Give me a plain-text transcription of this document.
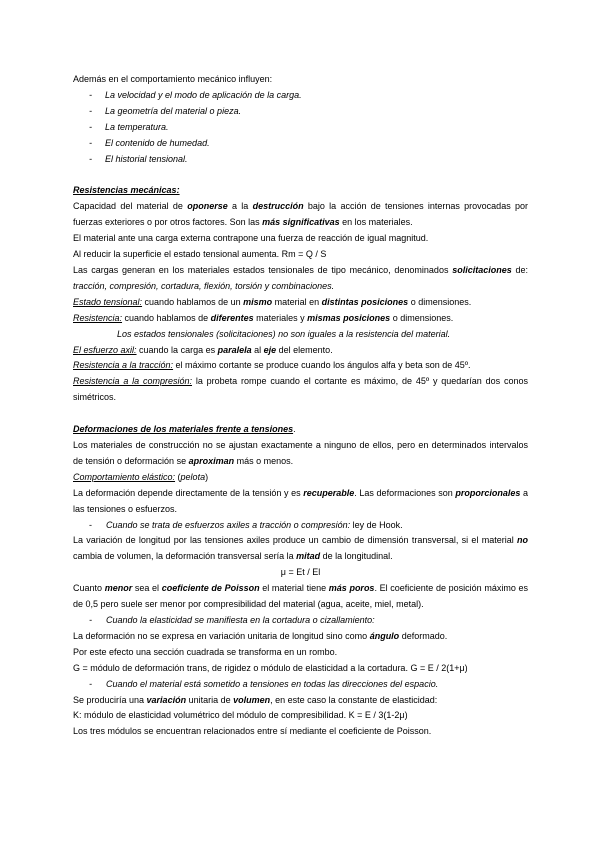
Además en el comportamiento mecánico influyen:

- La velocidad y el modo de aplicación de la carga.

- La geometría del material o pieza.

- La temperatura.

- El contenido de humedad.

- El historial tensional.

Resistencias mecánicas:

Capacidad del material de oponerse a la destrucción bajo la acción de tensiones internas provocadas por fuerzas exteriores o por otros factores. Son las más significativas en los materiales.

El material ante una carga externa contrapone una fuerza de reacción de igual magnitud.

Al reducir la superficie el estado tensional aumenta. Rm = Q / S

Las cargas generan en los materiales estados tensionales de tipo mecánico, denominados solicitaciones de: tracción, compresión, cortadura, flexión, torsión y combinaciones.

Estado tensional: cuando hablamos de un mismo material en distintas posiciones o dimensiones.

Resistencia: cuando hablamos de diferentes materiales y mismas posiciones o dimensiones.

Los estados tensionales (solicitaciones) no son iguales a la resistencia del material.

El esfuerzo axil: cuando la carga es paralela al eje del elemento.

Resistencia a la tracción: el máximo cortante se produce cuando los ángulos alfa y beta son de 45º.

Resistencia a la compresión: la probeta rompe cuando el cortante es máximo, de 45º y quedarían dos conos simétricos.

Deformaciones de los materiales frente a tensiones.

Los materiales de construcción no se ajustan exactamente a ninguno de ellos, pero en determinados intervalos de tensión o deformación se aproximan más o menos.

Comportamiento elástico: (pelota)

La deformación depende directamente de la tensión y es recuperable. Las deformaciones son proporcionales a las tensiones o esfuerzos.

- Cuando se trata de esfuerzos axiles a tracción o compresión: ley de Hook.

La variación de longitud por las tensiones axiles produce un cambio de dimensión transversal, si el material no cambia de volumen, la deformación transversal sería la mitad de la longitudinal.

μ = Et / El

Cuanto menor sea el coeficiente de Poisson el material tiene más poros. El coeficiente de posición máximo es de 0,5 pero suele ser menor por compresibilidad del material (agua, aceite, miel, metal).

- Cuando la elasticidad se manifiesta en la cortadura o cizallamiento:

La deformación no se expresa en variación unitaria de longitud sino como ángulo deformado.

Por este efecto una sección cuadrada se transforma en un rombo.

G = módulo de deformación trans, de rigidez o módulo de elasticidad a la cortadura. G = E / 2(1+μ)

- Cuando el material está sometido a tensiones en todas las direcciones del espacio.

Se produciría una variación unitaria de volumen, en este caso la constante de elasticidad:

K: módulo de elasticidad volumétrico del módulo de compresibilidad. K = E / 3(1-2μ)

Los tres módulos se encuentran relacionados entre sí mediante el coeficiente de Poisson.
